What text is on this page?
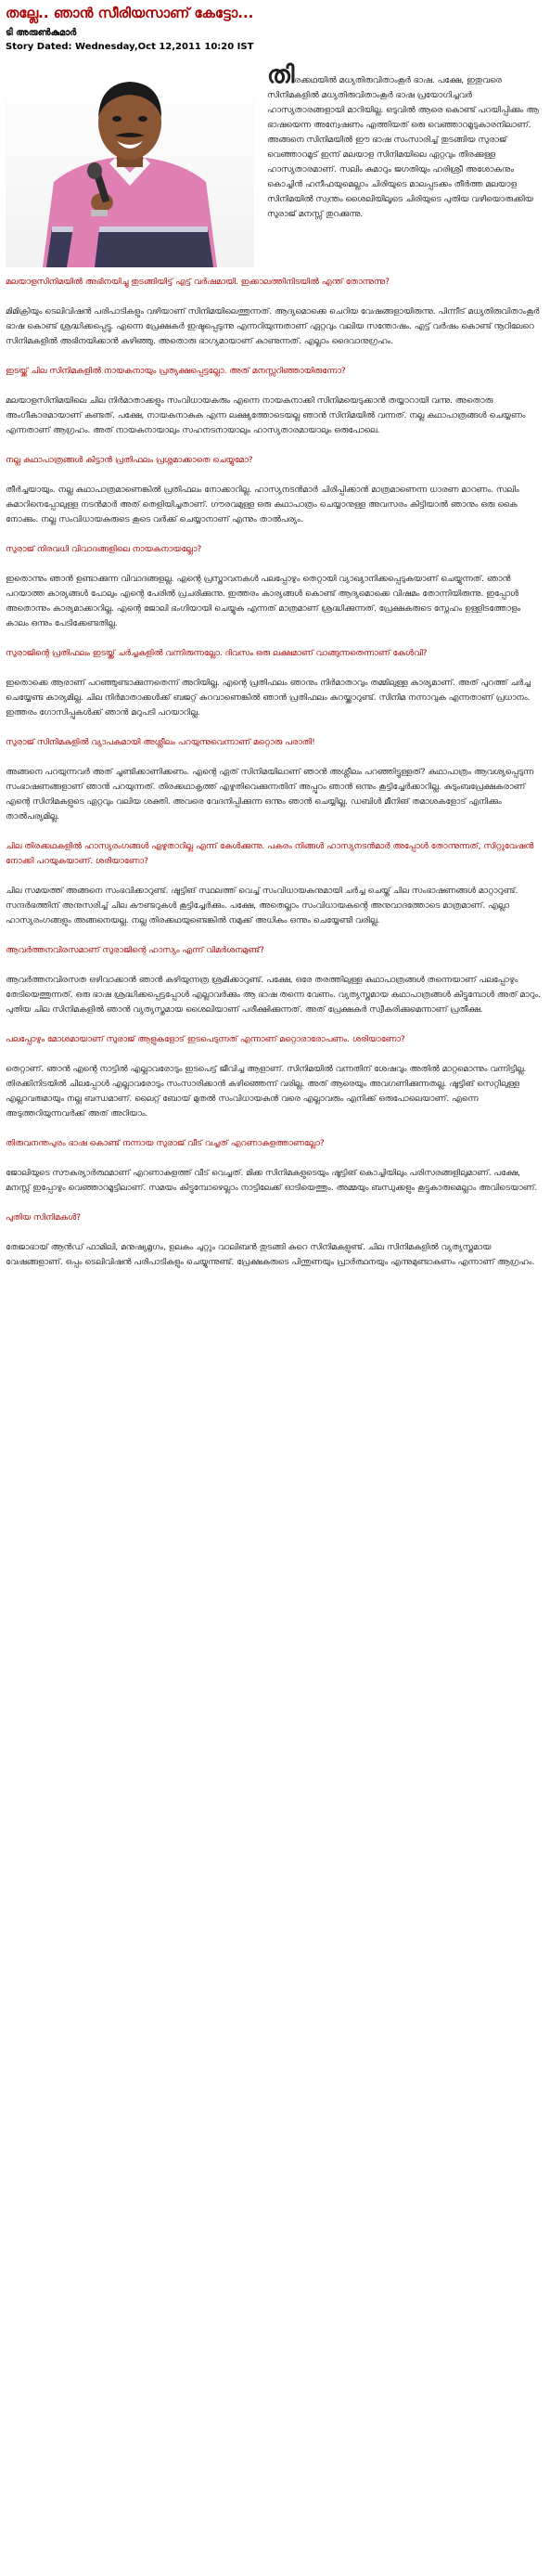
തല്ലേ.. ഞാന്‍ സീരിയസാണ് കേട്ടോ...
ടി അരുണ്‍കുമാര്‍
Story Dated: Wednesday,Oct 12,2011 10:20 IST

തിരക്കഥയില്‍ മധ്യതിരുവിതാംകൂര്‍ ഭാഷ. പക്ഷേ, ഇതുവരെ സിനിമകളില്‍ മധ്യതിരുവിതാംകൂര്‍ ഭാഷ പ്രയോഗിച്ചവര്‍ ഹാസ്യതാരങ്ങളായി മാറിയില്ല. ഒടുവില്‍ ആരെ കൊണ്ട് പറയിപ്പിക്കും ആ ഭാഷയെന്ന അന്വേഷണം എത്തിയത് ഒരു വെഞ്ഞാറമൂടുകാരനിലാണ്. അങ്ങനെ സിനിമയില്‍ ഈ ഭാഷ സംസാരിച്ച് തുടങ്ങിയ സുരാജ് വെഞ്ഞാറമൂട് ഇന്ന് മലയാള സിനിമയിലെ ഏറ്റവും തിരക്കുള്ള ഹാസ്യതാരമാണ്. സലിം കുമാറും ജഗതിയും ഹരിശ്രീ അശോകനും കൊച്ചിന്‍ ഹനീഫയുമെല്ലാം ചിരിയുടെ മാലപ്പടക്കം തീര്‍ത്ത മലയാള സിനിമയില്‍ സ്വന്തം ശൈലിയിലൂടെ ചിരിയുടെ പുതിയ വഴിയൊരുക്കിയ സുരാജ് മനസ്സ് തുറക്കുന്നു.

മലയാളസിനിമയില്‍ അഭിനയിച്ചു തുടങ്ങിയിട്ട് എട്ട് വര്‍ഷമായി. ഇക്കാലത്തിനിടയില്‍ എന്ത് തോന്നുന്നു?

മിമിക്രിയും ടെലിവിഷന്‍ പരിപാടികളും വഴിയാണ് സിനിമയിലെത്തുന്നത്. ആദ്യമൊക്കെ ചെറിയ വേഷങ്ങളായിരുന്നു. പിന്നീട് മധ്യതിരുവിതാംകൂര്‍ ഭാഷ കൊണ്ട് ശ്രദ്ധിക്കപ്പെട്ടു. എന്നെ പ്രേക്ഷകര്‍ ഇഷ്ടപ്പെടുന്നു എന്നറിയുന്നതാണ് ഏറ്റവും വലിയ സന്തോഷം. എട്ട് വര്‍ഷം കൊണ്ട് നൂറിലേറെ സിനിമകളില്‍ അഭിനയിക്കാന്‍ കഴിഞ്ഞു. അതൊരു ഭാഗ്യമായാണ് കാണുന്നത്. എല്ലാം ദൈവാനുഗ്രഹം.

ഇടയ്ക്ക് ചില സിനിമകളില്‍ നായകനായും പ്രത്യക്ഷപ്പെട്ടല്ലോ. അത് മനസ്സറിഞ്ഞായിരുന്നോ?

മലയാളസിനിമയിലെ ചില നിര്‍മാതാക്കളും സംവിധായകരും എന്നെ നായകനാക്കി സിനിമയെടുക്കാന്‍ തയ്യാറായി വന്നു. അതൊരു അംഗീകാരമായാണ് കണ്ടത്. പക്ഷേ, നായകനാകുക എന്ന ലക്ഷ്യത്തോടെയല്ല ഞാന്‍ സിനിമയില്‍ വന്നത്. നല്ല കഥാപാത്രങ്ങള്‍ ചെയ്യണം എന്നതാണ് ആഗ്രഹം. അത് നായകനായാലും സഹനടനായാലും ഹാസ്യതാരമായാലും ഒരുപോലെ.

നല്ല കഥാപാത്രങ്ങള്‍ കിട്ടാന്‍ പ്രതിഫലം പ്രശ്നമാക്കാതെ ചെയ്യുമോ?

തീര്‍ച്ചയായും. നല്ല കഥാപാത്രമാണെങ്കില്‍ പ്രതിഫലം നോക്കാറില്ല. ഹാസ്യനടന്‍മാര്‍ ചിരിപ്പിക്കാന്‍ മാത്രമാണെന്ന ധാരണ മാറണം. സലിം കുമാറിനെപ്പോലുള്ള നടന്‍മാര്‍ അത് തെളിയിച്ചതാണ്. ഗൗരവമുള്ള ഒരു കഥാപാത്രം ചെയ്യാനുള്ള അവസരം കിട്ടിയാല്‍ ഞാനും ഒരു കൈ നോക്കും. നല്ല സംവിധായകരുടെ കൂടെ വര്‍ക്ക് ചെയ്യാനാണ് എന്നും താല്‍പര്യം.

സുരാജ് നിരവധി വിവാദങ്ങളിലെ നായകനായല്ലോ?

ഇതൊന്നും ഞാന്‍ ഉണ്ടാക്കുന്ന വിവാദങ്ങളല്ല. എന്റെ പ്രസ്താവനകള്‍ പലപ്പോഴും തെറ്റായി വ്യാഖ്യാനിക്കപ്പെടുകയാണ് ചെയ്യുന്നത്. ഞാന്‍ പറയാത്ത കാര്യങ്ങള്‍ പോലും എന്റെ പേരില്‍ പ്രചരിക്കുന്നു. ഇത്തരം കാര്യങ്ങള്‍ കൊണ്ട് ആദ്യമൊക്കെ വിഷമം തോന്നിയിരുന്നു. ഇപ്പോള്‍ അതൊന്നും കാര്യമാക്കാറില്ല. എന്റെ ജോലി ഭംഗിയായി ചെയ്യുക എന്നത് മാത്രമാണ് ശ്രദ്ധിക്കുന്നത്. പ്രേക്ഷകരുടെ സ്നേഹം ഉള്ളിടത്തോളം കാലം ഒന്നും പേടിക്കേണ്ടതില്ല.

സുരാജിന്റെ പ്രതിഫലം ഇടയ്ക്ക് ചര്‍ച്ചകളില്‍ വന്നിരുന്നല്ലോ. ദിവസം ഒരു ലക്ഷമാണ് വാങ്ങുന്നതെന്നാണ് കേള്‍വി?

ഇതൊക്കെ ആരാണ് പറഞ്ഞുണ്ടാക്കുന്നതെന്ന് അറിയില്ല. എന്റെ പ്രതിഫലം ഞാനും നിര്‍മാതാവും തമ്മിലുള്ള കാര്യമാണ്. അത് പുറത്ത് ചര്‍ച്ച ചെയ്യേണ്ട കാര്യമില്ല. ചില നിര്‍മാതാക്കള്‍ക്ക് ബജറ്റ് കുറവാണെങ്കില്‍ ഞാന്‍ പ്രതിഫലം കുറയ്ക്കാറുണ്ട്. സിനിമ നന്നാവുക എന്നതാണ് പ്രധാനം. ഇത്തരം ഗോസിപ്പുകള്‍ക്ക് ഞാന്‍ മറുപടി പറയാറില്ല.

സുരാജ് സിനിമകളില്‍ വ്യാപകമായി അശ്ലീലം പറയുന്നുവെന്നാണ് മറ്റൊരു പരാതി!

അങ്ങനെ പറയുന്നവര്‍ അത് ചൂണ്ടിക്കാണിക്കണം. എന്റെ ഏത് സിനിമയിലാണ് ഞാന്‍ അശ്ലീലം പറഞ്ഞിട്ടുള്ളത്? കഥാപാത്രം ആവശ്യപ്പെടുന്ന സംഭാഷണങ്ങളാണ് ഞാന്‍ പറയുന്നത്. തിരക്കഥാകൃത്ത് എഴുതിവെക്കുന്നതിന് അപ്പുറം ഞാന്‍ ഒന്നും കൂട്ടിച്ചേര്‍ക്കാറില്ല. കുടുംബപ്രേക്ഷകരാണ് എന്റെ സിനിമകളുടെ ഏറ്റവും വലിയ ശക്തി. അവരെ വേദനിപ്പിക്കുന്ന ഒന്നും ഞാന്‍ ചെയ്യില്ല. ഡബിള്‍ മീനിങ് തമാശകളോട് എനിക്കും താല്‍പര്യമില്ല.

ചില തിരക്കഥകളില്‍ ഹാസ്യരംഗങ്ങള്‍ എഴുതാറില്ല എന്ന് കേള്‍ക്കുന്നു. പകരം നിങ്ങള്‍ ഹാസ്യനടന്‍മാര്‍ അപ്പോള്‍ തോന്നുന്നത്, സിറ്റുവേഷന്‍ നോക്കി പറയുകയാണ്. ശരിയാണോ?

ചില സമയത്ത് അങ്ങനെ സംഭവിക്കാറുണ്ട്. ഷൂട്ടിങ് സ്ഥലത്ത് വെച്ച് സംവിധായകനുമായി ചര്‍ച്ച ചെയ്ത് ചില സംഭാഷണങ്ങള്‍ മാറ്റാറുണ്ട്. സന്ദര്‍ഭത്തിന് അനുസരിച്ച് ചില കൗണ്ടറുകള്‍ കൂട്ടിച്ചേര്‍ക്കും. പക്ഷേ, അതെല്ലാം സംവിധായകന്റെ അനുവാദത്തോടെ മാത്രമാണ്. എല്ലാ ഹാസ്യരംഗങ്ങളും അങ്ങനെയല്ല. നല്ല തിരക്കഥയുണ്ടെങ്കില്‍ നമുക്ക് അധികം ഒന്നും ചെയ്യേണ്ടി വരില്ല.

ആവര്‍ത്തനവിരസമാണ് സുരാജിന്റെ ഹാസ്യം എന്ന് വിമര്‍ശനമുണ്ട്?

ആവര്‍ത്തനവിരസത ഒഴിവാക്കാന്‍ ഞാന്‍ കഴിയുന്നത്ര ശ്രമിക്കാറുണ്ട്. പക്ഷേ, ഒരേ തരത്തിലുള്ള കഥാപാത്രങ്ങള്‍ തന്നെയാണ് പലപ്പോഴും തേടിയെത്തുന്നത്. ഒരു ഭാഷ ശ്രദ്ധിക്കപ്പെട്ടപ്പോള്‍ എല്ലാവര്‍ക്കും ആ ഭാഷ തന്നെ വേണം. വ്യത്യസ്തമായ കഥാപാത്രങ്ങള്‍ കിട്ടുമ്പോള്‍ അത് മാറും. പുതിയ ചില സിനിമകളില്‍ ഞാന്‍ വ്യത്യസ്തമായ ശൈലിയാണ് പരീക്ഷിക്കുന്നത്. അത് പ്രേക്ഷകര്‍ സ്വീകരിക്കുമെന്നാണ് പ്രതീക്ഷ.

പലപ്പോഴും മോശമായാണ് സുരാജ് ആളുകളോട് ഇടപെടുന്നത് എന്നാണ് മറ്റൊരാരോപണം. ശരിയാണോ?

തെറ്റാണ്. ഞാന്‍ എന്റെ നാട്ടില്‍ എല്ലാവരോടും ഇടപെട്ട് ജീവിച്ച ആളാണ്. സിനിമയില്‍ വന്നതിന് ശേഷവും അതില്‍ മാറ്റമൊന്നും വന്നിട്ടില്ല. തിരക്കിനിടയില്‍ ചിലപ്പോള്‍ എല്ലാവരോടും സംസാരിക്കാന്‍ കഴിഞ്ഞെന്ന് വരില്ല. അത് ആരെയും അവഗണിക്കുന്നതല്ല. ഷൂട്ടിങ് സെറ്റിലുള്ള എല്ലാവരുമായും നല്ല ബന്ധമാണ്. ലൈറ്റ് ബോയ് മുതല്‍ സംവിധായകന്‍ വരെ എല്ലാവരും എനിക്ക് ഒരുപോലെയാണ്. എന്നെ അടുത്തറിയുന്നവര്‍ക്ക് അത് അറിയാം.

തിരുവനന്തപുരം ഭാഷ കൊണ്ട് നന്നായ സുരാജ് വീട് വച്ചത് എറണാകുളത്താണല്ലോ?

ജോലിയുടെ സൗകര്യാര്‍ത്ഥമാണ് എറണാകുളത്ത് വീട് വെച്ചത്. മിക്ക സിനിമകളുടെയും ഷൂട്ടിങ് കൊച്ചിയിലും പരിസരങ്ങളിലുമാണ്. പക്ഷേ, മനസ്സ് ഇപ്പോഴും വെഞ്ഞാറമൂട്ടിലാണ്. സമയം കിട്ടുമ്പോഴെല്ലാം നാട്ടിലേക്ക് ഓടിയെത്തും. അമ്മയും ബന്ധുക്കളും കൂട്ടുകാരുമെല്ലാം അവിടെയാണ്.

പുതിയ സിനിമകള്‍?

തേജാഭായ് ആന്‍ഡ് ഫാമിലി, മനുഷ്യമൃഗം, ഉലകം ചുറ്റും വാലിബന്‍ തുടങ്ങി കുറെ സിനിമകളുണ്ട്. ചില സിനിമകളില്‍ വ്യത്യസ്തമായ വേഷങ്ങളാണ്. ഒപ്പം ടെലിവിഷന്‍ പരിപാടികളും ചെയ്യുന്നുണ്ട്. പ്രേക്ഷകരുടെ പിന്തുണയും പ്രാര്‍ത്ഥനയും എന്നുമുണ്ടാകണം എന്നാണ് ആഗ്രഹം.
